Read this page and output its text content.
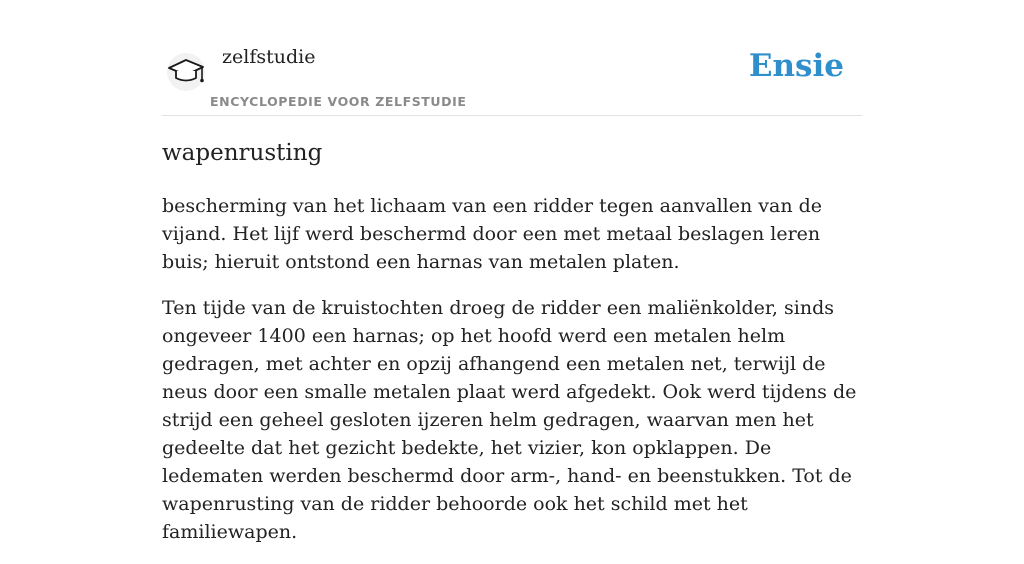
zelfstudie

ENCYCLOPEDIE VOOR ZELFSTUDIE

Ensie
wapenrusting

bescherming van het lichaam van een ridder tegen aanvallen van de vijand. Het lijf werd beschermd door een met metaal beslagen leren buis; hieruit ontstond een harnas van metalen platen.

Ten tijde van de kruistochten droeg de ridder een maliënkolder, sinds ongeveer 1400 een harnas; op het hoofd werd een metalen helm gedragen, met achter en opzij afhangend een metalen net, terwijl de neus door een smalle metalen plaat werd afgedekt. Ook werd tijdens de strijd een geheel gesloten ijzeren helm gedragen, waarvan men het gedeelte dat het gezicht bedekte, het vizier, kon opklappen. De ledematen werden beschermd door arm-, hand- en beenstukken. Tot de wapenrusting van de ridder behoorde ook het schild met het familiewapen.
